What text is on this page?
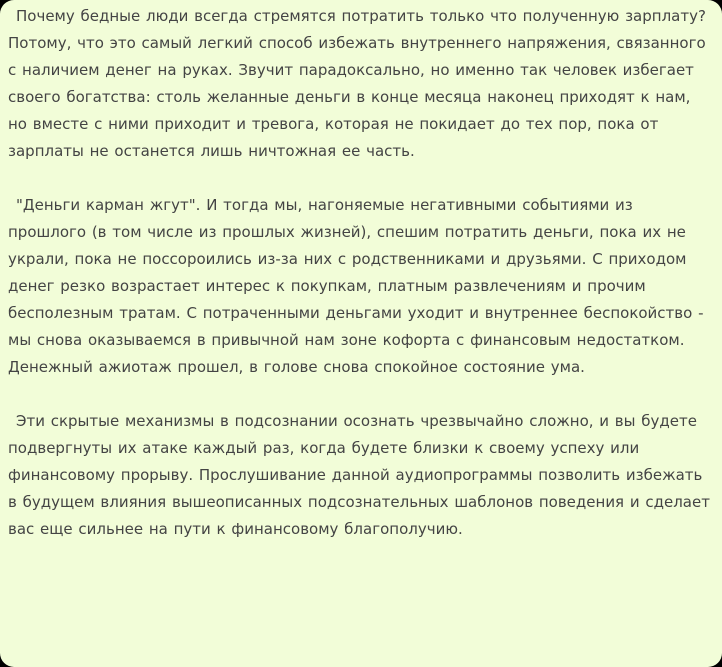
Почему бедные люди всегда стремятся потратить только что полученную зарплату? Потому, что это самый легкий способ избежать внутреннего напряжения, связанного с наличием денег на руках. Звучит парадоксально, но именно так человек избегает своего богатства: столь желанные деньги в конце месяца наконец приходят к нам, но вместе с ними приходит и тревога, которая не покидает до тех пор, пока от зарплаты не останется лишь ничтожная ее часть.

"Деньги карман жгут". И тогда мы, нагоняемые негативными событиями из прошлого (в том числе из прошлых жизней), спешим потратить деньги, пока их не украли, пока не поссороились из-за них с родственниками и друзьями. С приходом денег резко возрастает интерес к покупкам, платным развлечениям и прочим бесполезным тратам. С потраченными деньгами уходит и внутреннее беспокойство - мы снова оказываемся в привычной нам зоне кофорта с финансовым недостатком. Денежный ажиотаж прошел, в голове снова спокойное состояние ума.

Эти скрытые механизмы в подсознании осознать чрезвычайно сложно, и вы будете подвергнуты их атаке каждый раз, когда будете близки к своему успеху или финансовому прорыву. Прослушивание данной аудиопрограммы позволить избежать в будущем влияния вышеописанных подсознательных шаблонов поведения и сделает вас еще сильнее на пути к финансовому благополучию.
